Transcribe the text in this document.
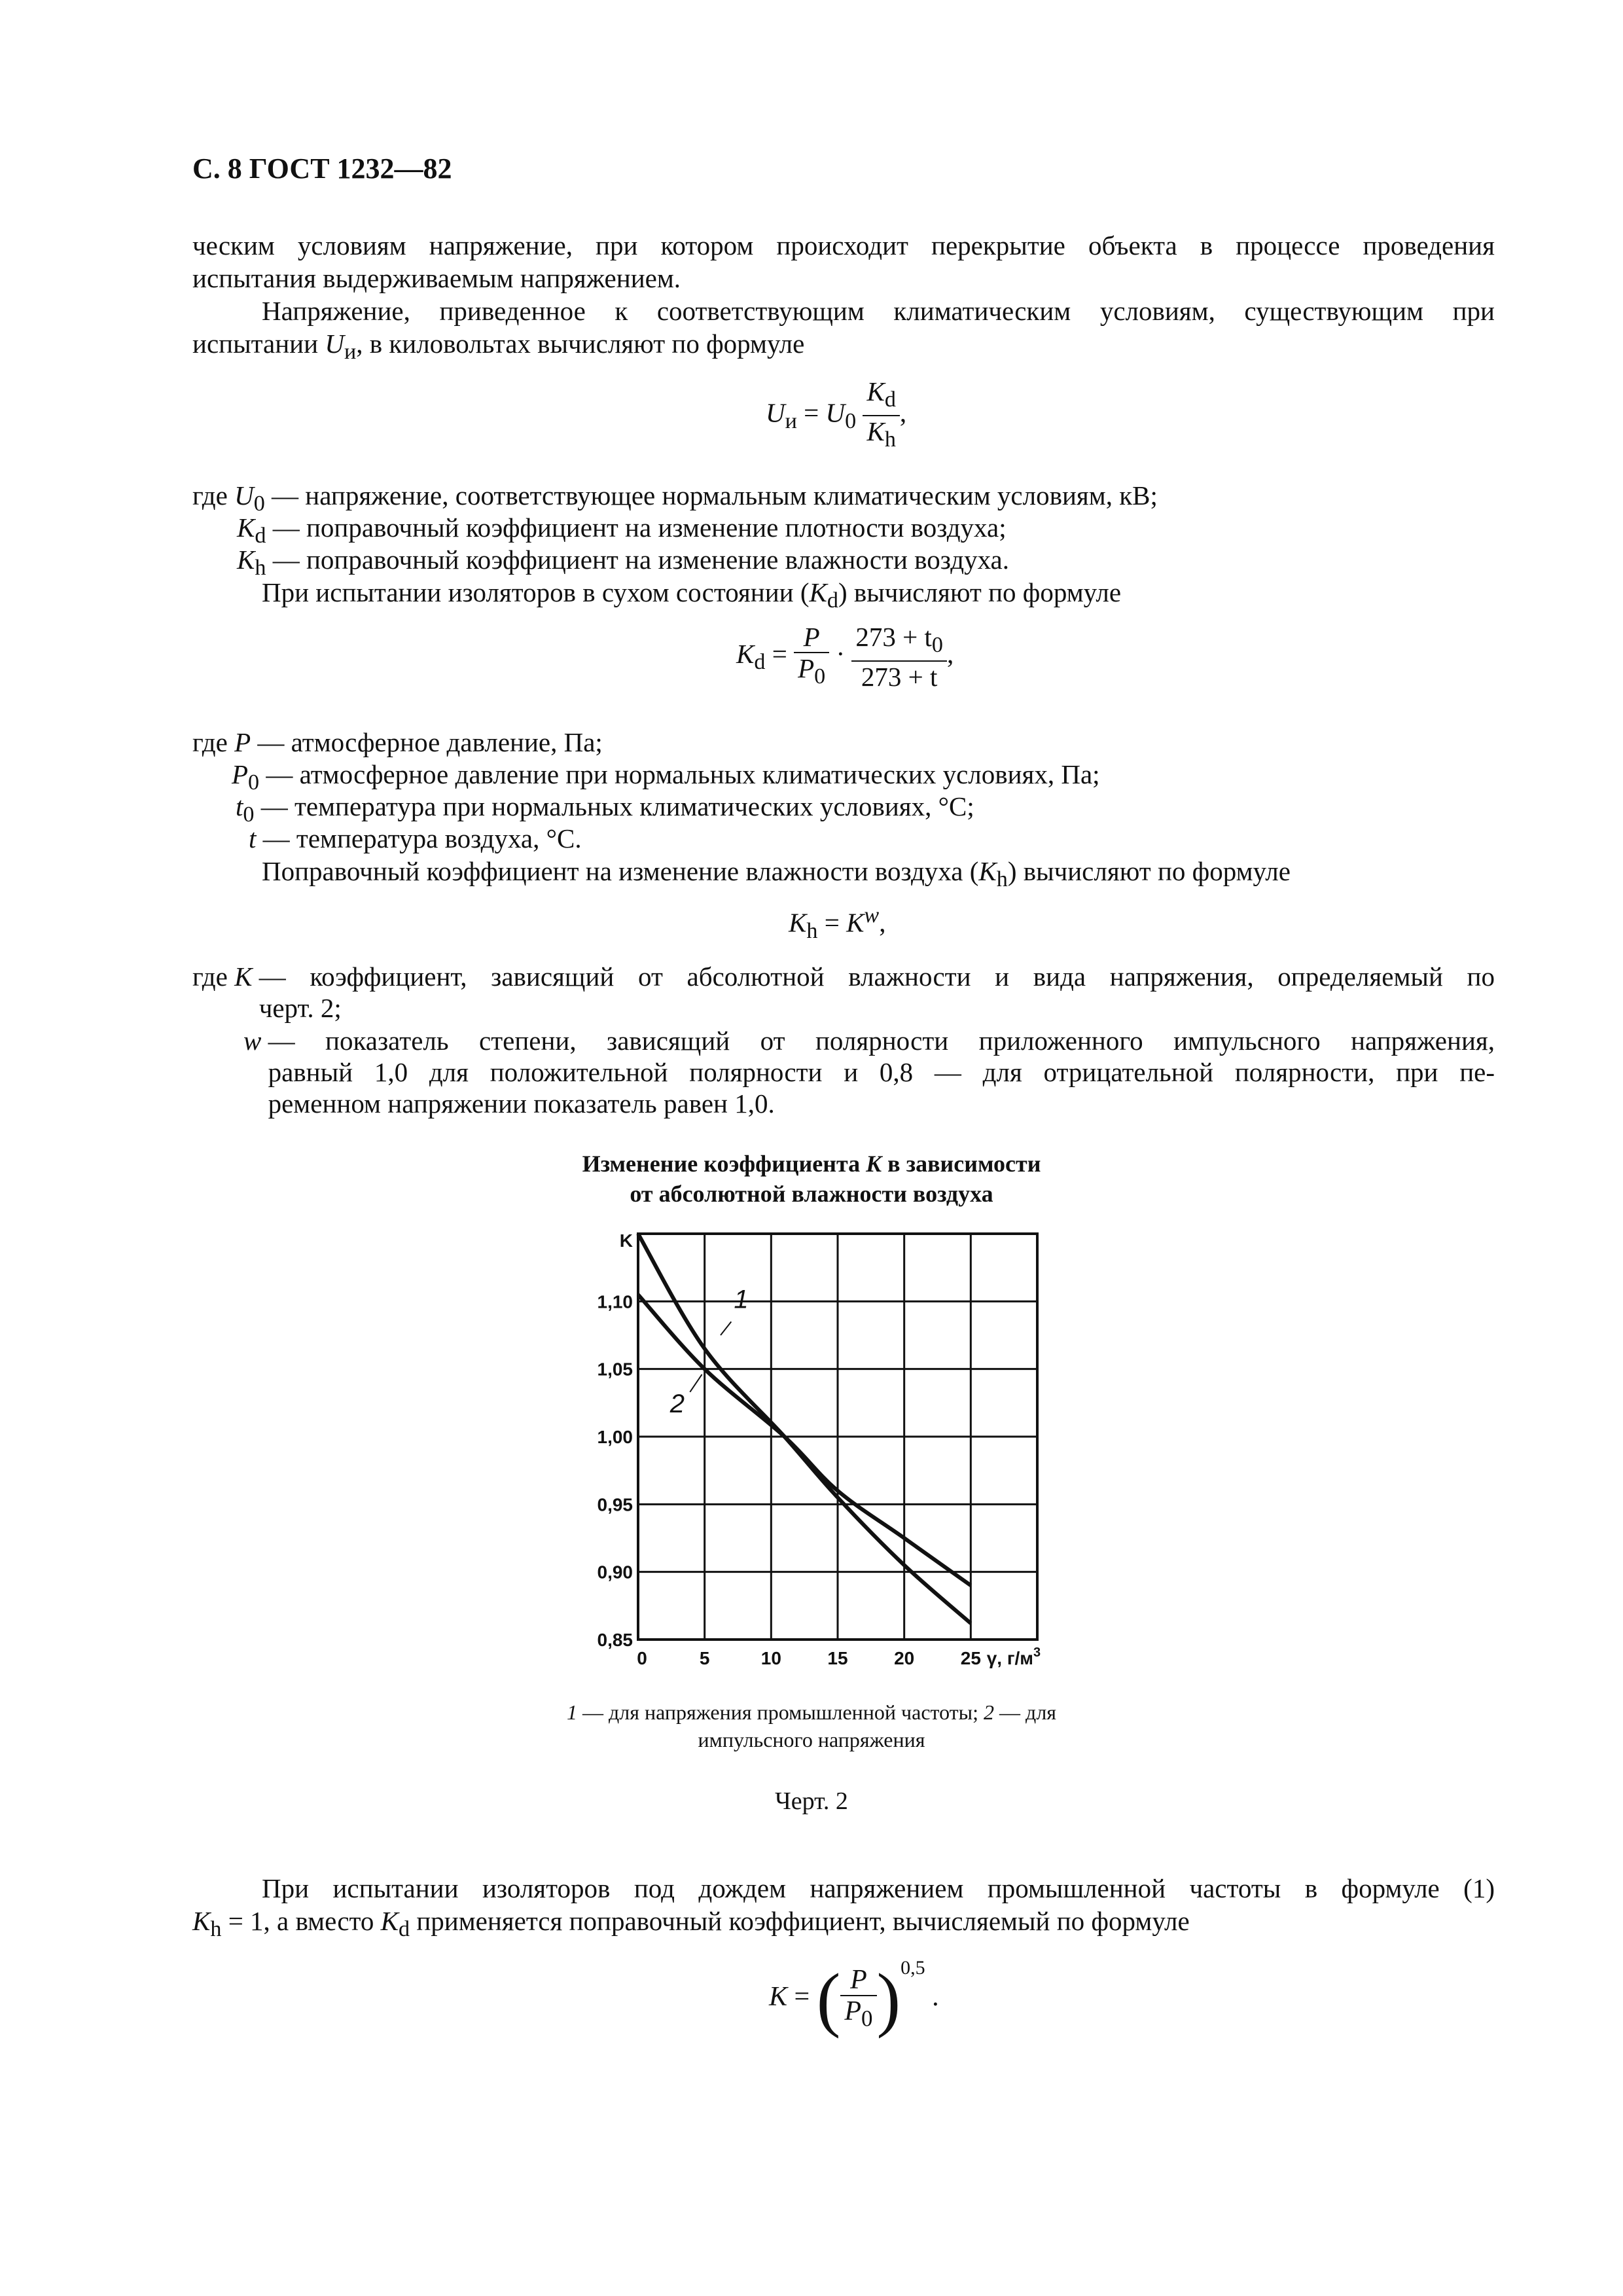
С. 8 ГОСТ 1232—82
ческим условиям напряжение, при котором происходит перекрытие объекта в процессе проведения
испытания выдерживаемым напряжением.
Напряжение, приведенное к соответствующим климатическим условиям, существующим при
испытании $U_и$, в киловольтах вычисляют по формуле
$U_и = U_0 \frac{K_d}{K_h}$ ,
где $U_0$ — напряжение, соответствующее нормальным климатическим условиям, кВ;
$K_d$ — поправочный коэффициент на изменение плотности воздуха;
$K_h$ — поправочный коэффициент на изменение влажности воздуха.
При испытании изоляторов в сухом состоянии $(K_d)$ вычисляют по формуле
$K_d = \frac{P}{P_0} \cdot \frac{273 + t_0}{273 + t}$ ,
где P — атмосферное давление, Па;
$P_0$ — атмосферное давление при нормальных климатических условиях, Па;
$t_0$ — температура при нормальных климатических условиях, °С;
t — температура воздуха, °С.
Поправочный коэффициент на изменение влажности воздуха $(K_h)$ вычисляют по формуле
$K_h = K^w$,
где K — коэффициент, зависящий от абсолютной влажности и вида напряжения, определяемый по
черт. 2;
w — показатель степени, зависящий от полярности приложенного импульсного напряжения,
равный 1,0 для положительной полярности и 0,8 — для отрицательной полярности, при пе-
ременном напряжении показатель равен 1,0.
Изменение коэффициента K в зависимости
от абсолютной влажности воздуха
0	5	10	15	20	25 γ, $г/м^3$
0,85
0,90
0,95
1,00
1,05
1,10
K
1
2
1 — для напряжения промышленной частоты; 2 — для
импульсного напряжения
Черт. 2
При испытании изоляторов под дождем напряжением промышленной частоты в формуле (1)
$K_h = 1$, а вместо $K_d$ применяется поправочный коэффициент, вычисляемый по формуле
K = ( $\frac{P}{P_0} )^{0,5}$ .
